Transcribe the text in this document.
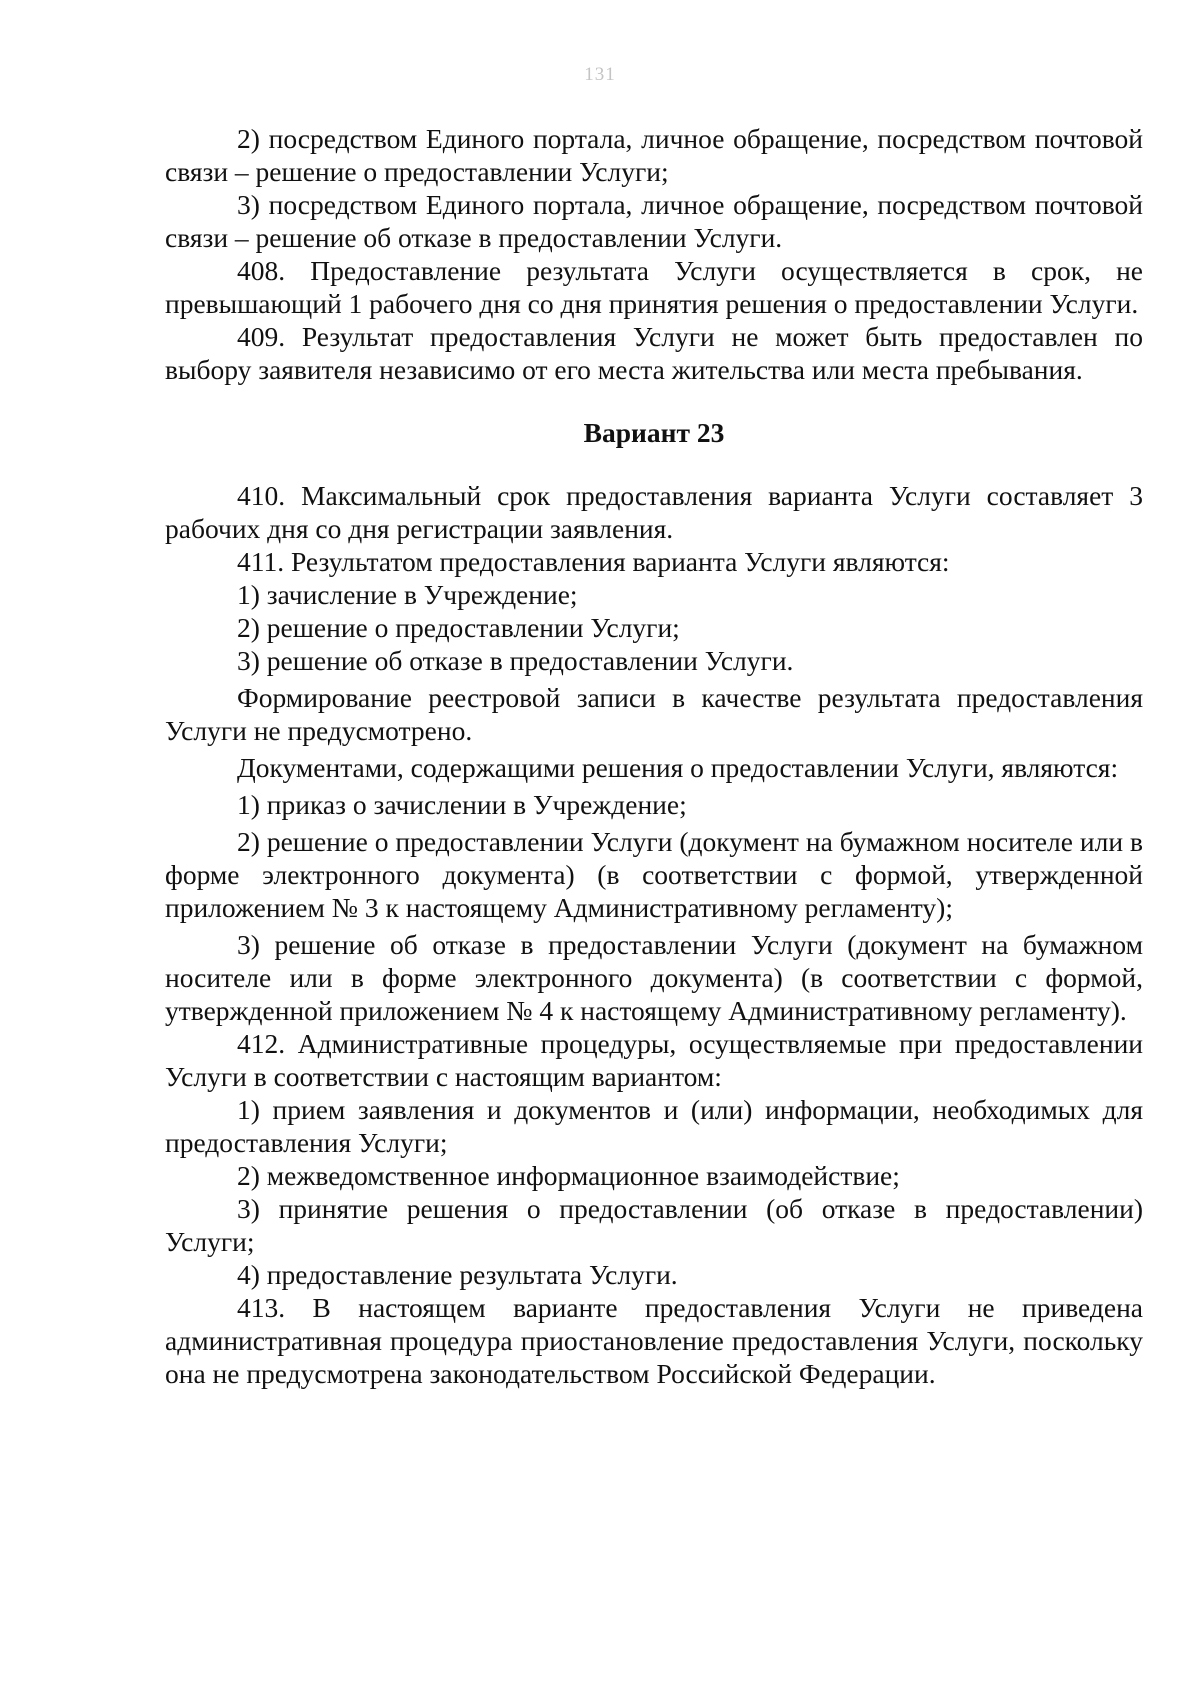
131

2) посредством Единого портала, личное обращение, посредством почтовой связи – решение о предоставлении Услуги;

3) посредством Единого портала, личное обращение, посредством почтовой связи – решение об отказе в предоставлении Услуги.

408. Предоставление результата Услуги осуществляется в срок, не превышающий 1 рабочего дня со дня принятия решения о предоставлении Услуги.

409. Результат предоставления Услуги не может быть предоставлен по выбору заявителя независимо от его места жительства или места пребывания.

Вариант 23

410. Максимальный срок предоставления варианта Услуги составляет 3 рабочих дня со дня регистрации заявления.

411. Результатом предоставления варианта Услуги являются:

1) зачисление в Учреждение;

2) решение о предоставлении Услуги;

3) решение об отказе в предоставлении Услуги.

Формирование реестровой записи в качестве результата предоставления Услуги не предусмотрено.

Документами, содержащими решения о предоставлении Услуги, являются:

1) приказ о зачислении в Учреждение;

2) решение о предоставлении Услуги (документ на бумажном носителе или в форме электронного документа) (в соответствии с формой, утвержденной приложением № 3 к настоящему Административному регламенту);

3) решение об отказе в предоставлении Услуги (документ на бумажном носителе или в форме электронного документа) (в соответствии с формой, утвержденной приложением № 4 к настоящему Административному регламенту).

412. Административные процедуры, осуществляемые при предоставлении Услуги в соответствии с настоящим вариантом:

1) прием заявления и документов и (или) информации, необходимых для предоставления Услуги;

2) межведомственное информационное взаимодействие;

3) принятие решения о предоставлении (об отказе в предоставлении) Услуги;

4) предоставление результата Услуги.

413. В настоящем варианте предоставления Услуги не приведена административная процедура приостановление предоставления Услуги, поскольку она не предусмотрена законодательством Российской Федерации.
